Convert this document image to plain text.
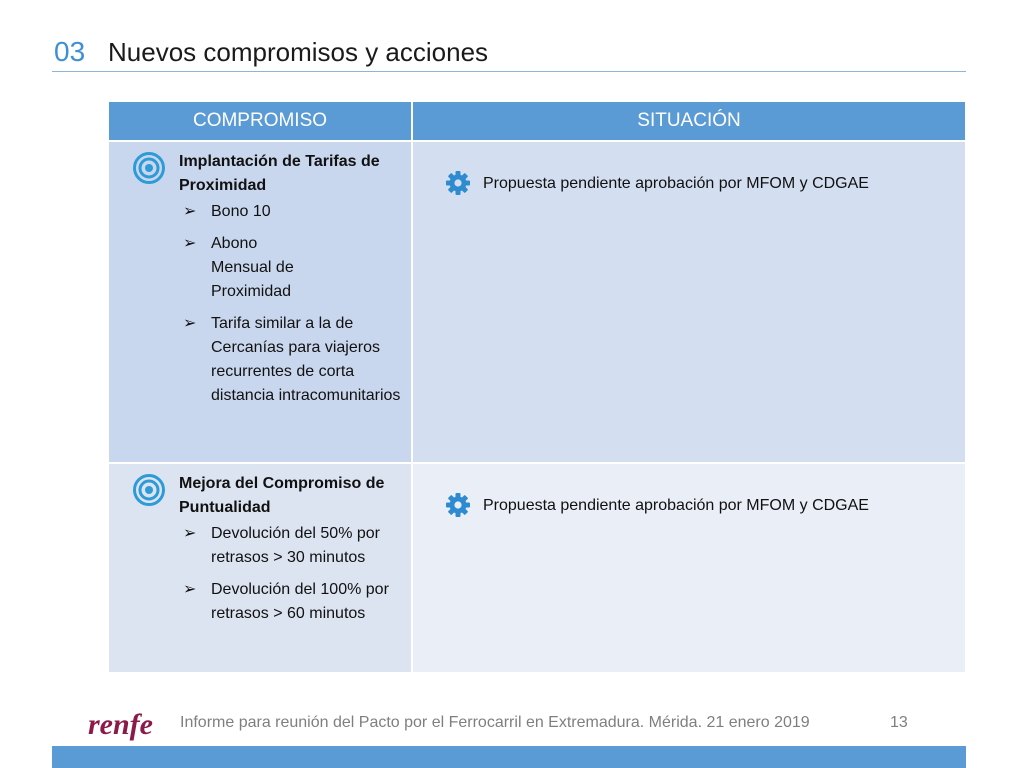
03 Nuevos compromisos y acciones
COMPROMISO	SITUACIÓN
Implantación de Tarifas de Proximidad
➢ Bono 10
➢ Abono Mensual de Proximidad
➢ Tarifa similar a la de Cercanías para viajeros recurrentes de corta distancia intracomunitarios
Propuesta pendiente aprobación por MFOM y CDGAE
Mejora del Compromiso de Puntualidad
➢ Devolución del 50% por retrasos > 30 minutos
➢ Devolución del 100% por retrasos > 60 minutos
Propuesta pendiente aprobación por MFOM y CDGAE
renfe Informe para reunión del Pacto por el Ferrocarril en Extremadura. Mérida. 21 enero 2019	13
